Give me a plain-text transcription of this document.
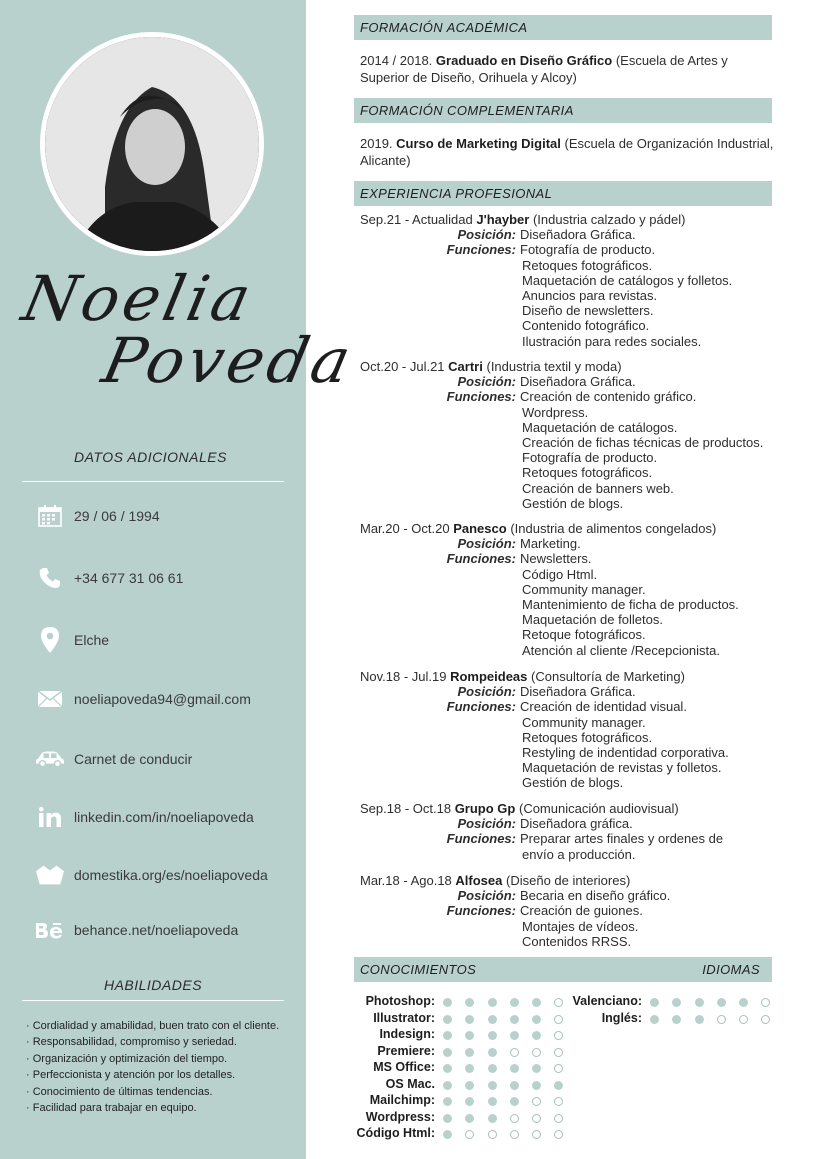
Noelia
Poveda
DATOS ADICIONALES
29 / 06 / 1994
+34 677 31 06 61
Elche
noeliapoveda94@gmail.com
Carnet de conducir
linkedin.com/in/noeliapoveda
domestika.org/es/noeliapoveda
behance.net/noeliapoveda
HABILIDADES
· Cordialidad y amabilidad, buen trato con el cliente.
· Responsabilidad, compromiso y seriedad.
· Organización y optimización del tiempo.
· Perfeccionista y atención por los detalles.
· Conocimiento de últimas tendencias.
· Facilidad para trabajar en equipo.
FORMACIÓN ACADÉMICA
2014 / 2018. Graduado en Diseño Gráfico (Escuela de Artes y Superior de Diseño, Orihuela y Alcoy)
FORMACIÓN COMPLEMENTARIA
2019. Curso de Marketing Digital (Escuela de Organización Industrial, Alicante)
EXPERIENCIA PROFESIONAL
Sep.21 - Actualidad J'hayber (Industria calzado y pádel)
Posición: Diseñadora Gráfica.
Funciones: Fotografía de producto.
Retoques fotográficos.
Maquetación de catálogos y folletos.
Anuncios para revistas.
Diseño de newsletters.
Contenido fotográfico.
Ilustración para redes sociales.
Oct.20 - Jul.21 Cartri (Industria textil y moda)
Posición: Diseñadora Gráfica.
Funciones: Creación de contenido gráfico.
Wordpress.
Maquetación de catálogos.
Creación de fichas técnicas de productos.
Fotografía de producto.
Retoques fotográficos.
Creación de banners web.
Gestión de blogs.
Mar.20 - Oct.20 Panesco (Industria de alimentos congelados)
Posición: Marketing.
Funciones: Newsletters.
Código Html.
Community manager.
Mantenimiento de ficha de productos.
Maquetación de folletos.
Retoque fotográficos.
Atención al cliente /Recepcionista.
Nov.18 - Jul.19 Rompeideas (Consultoría de Marketing)
Posición: Diseñadora Gráfica.
Funciones: Creación de identidad visual.
Community manager.
Retoques fotográficos.
Restyling de indentidad corporativa.
Maquetación de revistas y folletos.
Gestión de blogs.
Sep.18 - Oct.18 Grupo Gp (Comunicación audiovisual)
Posición: Diseñadora gráfica.
Funciones: Preparar artes finales y ordenes de
envío a producción.
Mar.18 - Ago.18 Alfosea (Diseño de interiores)
Posición: Becaria en diseño gráfico.
Funciones: Creación de guiones.
Montajes de vídeos.
Contenidos RRSS.
CONOCIMIENTOS	IDIOMAS
Photoshop:
Illustrator:
Indesign:
Premiere:
MS Office:
OS Mac.
Mailchimp:
Wordpress:
Código Html:
Valenciano:
Inglés:
